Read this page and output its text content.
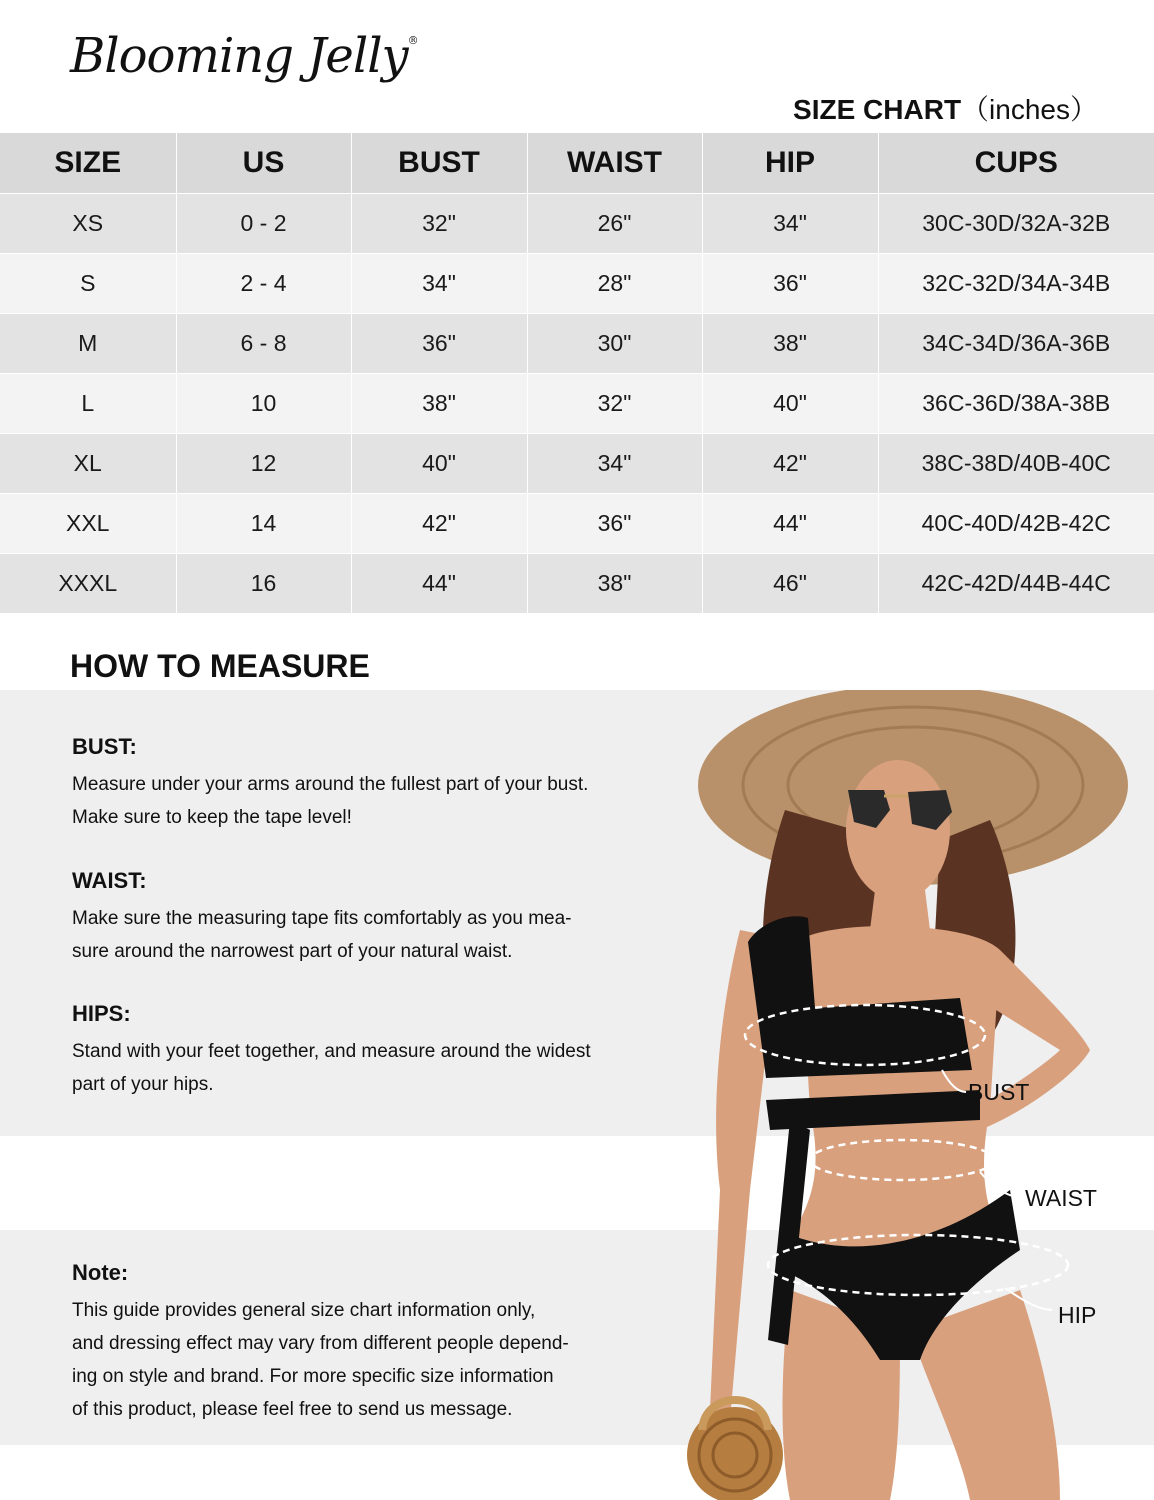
Blooming Jelly®
SIZE CHART（inches）
SIZE	US	BUST	WAIST	HIP	CUPS
XS	0 - 2	32"	26"	34"	30C-30D/32A-32B
S	2 - 4	34"	28"	36"	32C-32D/34A-34B
M	6 - 8	36"	30"	38"	34C-34D/36A-36B
L	10	38"	32"	40"	36C-36D/38A-38B
XL	12	40"	34"	42"	38C-38D/40B-40C
XXL	14	42"	36"	44"	40C-40D/42B-42C
XXXL	16	44"	38"	46"	42C-42D/44B-44C
HOW TO MEASURE
BUST:

Measure under your arms around the fullest part of your bust.

Make sure to keep the tape level!

WAIST:

Make sure the measuring tape fits comfortably as you mea-

sure around the narrowest part of your natural waist.

HIPS:

Stand with your feet together, and measure around the widest

part of your hips.

Note:

This guide provides general size chart information only,

and dressing effect may vary from different people depend-

ing on style and brand. For more specific size information

of this product, please feel free to send us message.

BUST
WAIST
HIP
